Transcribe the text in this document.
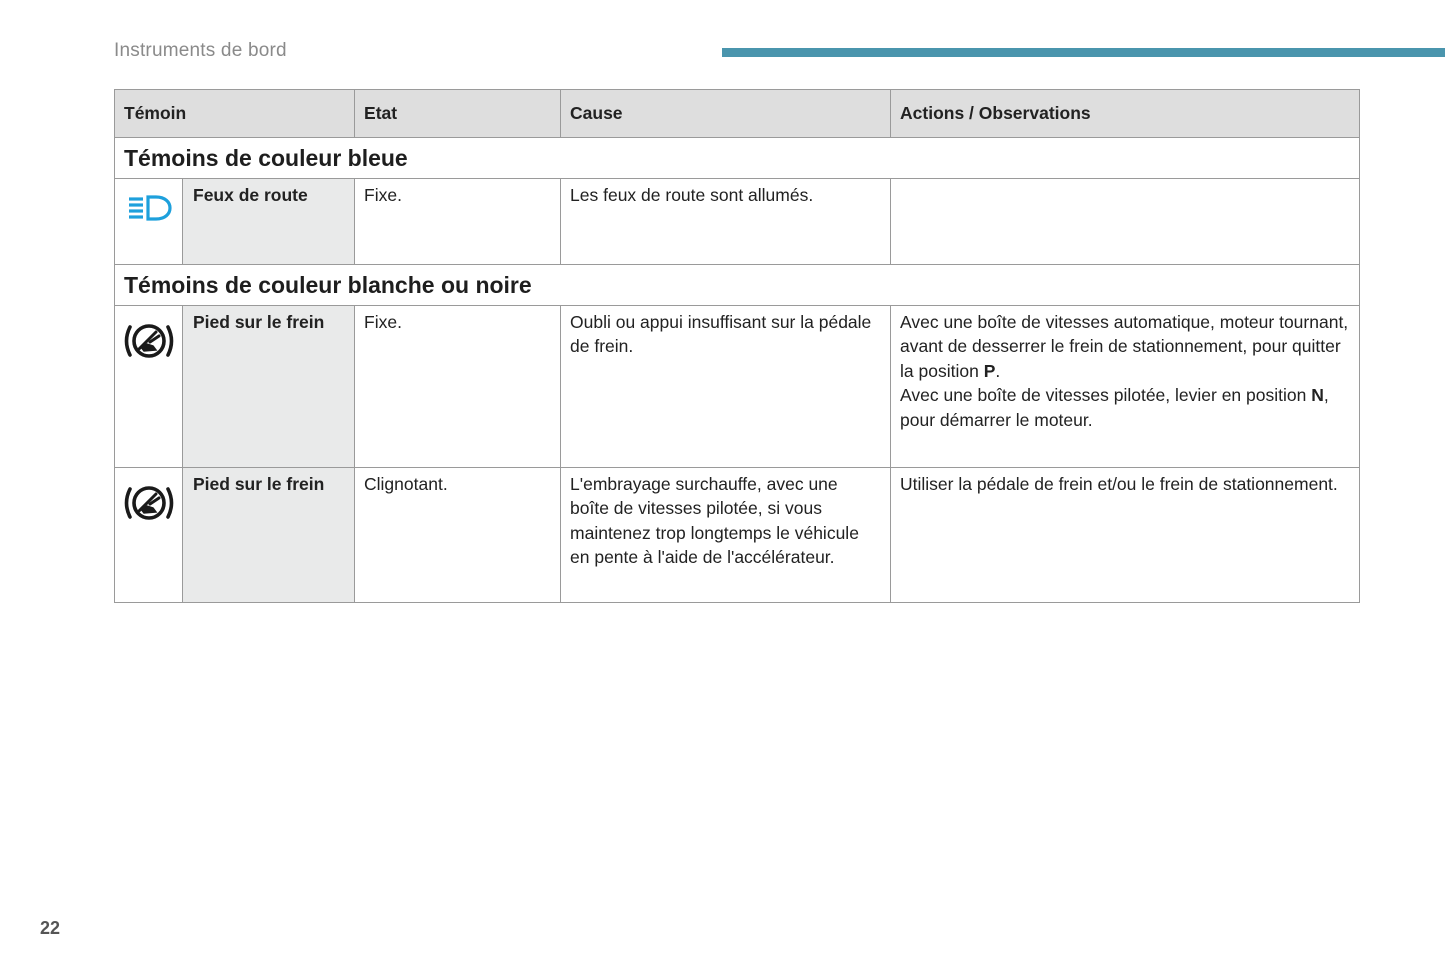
Instruments de bord
Témoin		Etat	Cause	Actions / Observations
Témoins de couleur bleue				
	Feux de route	Fixe.	Les feux de route sont allumés.	
Témoins de couleur blanche ou noire				
	Pied sur le frein	Fixe.	Oubli ou appui insuffisant sur la pédale de frein.	Avec une boîte de vitesses automatique, moteur tournant, avant de desserrer le frein de stationnement, pour quitter la position P.
Avec une boîte de vitesses pilotée, levier en position N, pour démarrer le moteur.
	Pied sur le frein	Clignotant.	L'embrayage surchauffe, avec une boîte de vitesses pilotée, si vous maintenez trop longtemps le véhicule en pente à l'aide de l'accélérateur.	Utiliser la pédale de frein et/ou le frein de stationnement.
22
